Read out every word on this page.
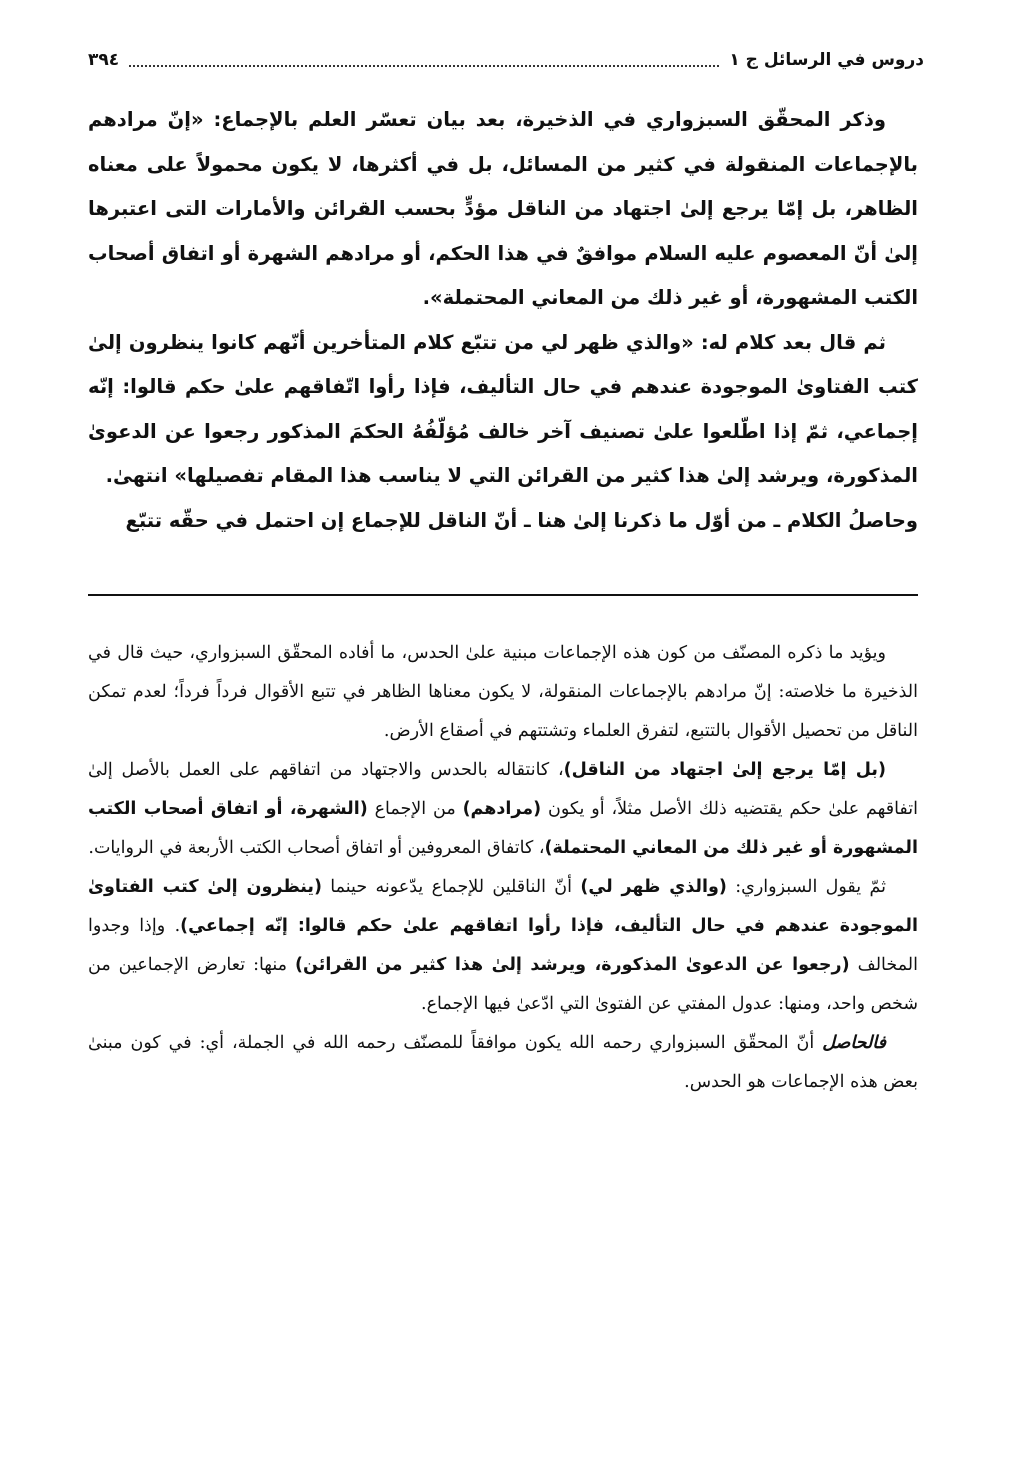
دروس في الرسائل ج ١
٣٩٤

وذكر المحقّق السبزواري في الذخيرة، بعد بيان تعسّر العلم بالإجماع: «إنّ مرادهم بالإجماعات المنقولة في كثير من المسائل، بل في أكثرها، لا يكون محمولاً على معناه الظاهر، بل إمّا يرجع إلىٰ اجتهاد من الناقل مؤدٍّ بحسب القرائن والأمارات التى اعتبرها إلىٰ أنّ المعصوم عليه السلام موافقٌ في هذا الحكم، أو مرادهم الشهرة أو اتفاق أصحاب الكتب المشهورة، أو غير ذلك من المعاني المحتملة».

ثم قال بعد كلام له: «والذي ظهر لي من تتبّع كلام المتأخرين أنّهم كانوا ينظرون إلىٰ كتب الفتاوىٰ الموجودة عندهم في حال التأليف، فإذا رأوا اتّفاقهم علىٰ حكم قالوا: إنّه إجماعي، ثمّ إذا اطّلعوا علىٰ تصنيف آخر خالف مُؤلّفُهُ الحكمَ المذكور رجعوا عن الدعوىٰ المذكورة، ويرشد إلىٰ هذا كثير من القرائن التي لا يناسب هذا المقام تفصيلها» انتهىٰ.

وحاصلُ الكلام ـ من أوّل ما ذكرنا إلىٰ هنا ـ أنّ الناقل للإجماع إن احتمل في حقّه تتبّع

ويؤيد ما ذكره المصنّف من كون هذه الإجماعات مبنية علىٰ الحدس، ما أفاده المحقّق السبزواري، حيث قال في الذخيرة ما خلاصته: إنّ مرادهم بالإجماعات المنقولة، لا يكون معناها الظاهر في تتبع الأقوال فرداً فرداً؛ لعدم تمكن الناقل من تحصيل الأقوال بالتتبع، لتفرق العلماء وتشتتهم في أصقاع الأرض.

(بل إمّا يرجع إلىٰ اجتهاد من الناقل)، كانتقاله بالحدس والاجتهاد من اتفاقهم على العمل بالأصل إلىٰ اتفاقهم علىٰ حكم يقتضيه ذلك الأصل مثلاً، أو يكون (مرادهم) من الإجماع (الشهرة، أو اتفاق أصحاب الكتب المشهورة أو غير ذلك من المعاني المحتملة)، كاتفاق المعروفين أو اتفاق أصحاب الكتب الأربعة في الروايات.

ثمّ يقول السبزواري: (والذي ظهر لي) أنّ الناقلين للإجماع يدّعونه حينما (ينظرون إلىٰ كتب الفتاوىٰ الموجودة عندهم في حال التأليف، فإذا رأوا اتفاقهم علىٰ حكم قالوا: إنّه إجماعي). وإذا وجدوا المخالف (رجعوا عن الدعوىٰ المذكورة، ويرشد إلىٰ هذا كثير من القرائن) منها: تعارض الإجماعين من شخص واحد، ومنها: عدول المفتي عن الفتوىٰ التي ادّعىٰ فيها الإجماع.

فالحاصل أنّ المحقّق السبزواري رحمه الله يكون موافقاً للمصنّف رحمه الله في الجملة، أي: في كون مبنىٰ بعض هذه الإجماعات هو الحدس.
